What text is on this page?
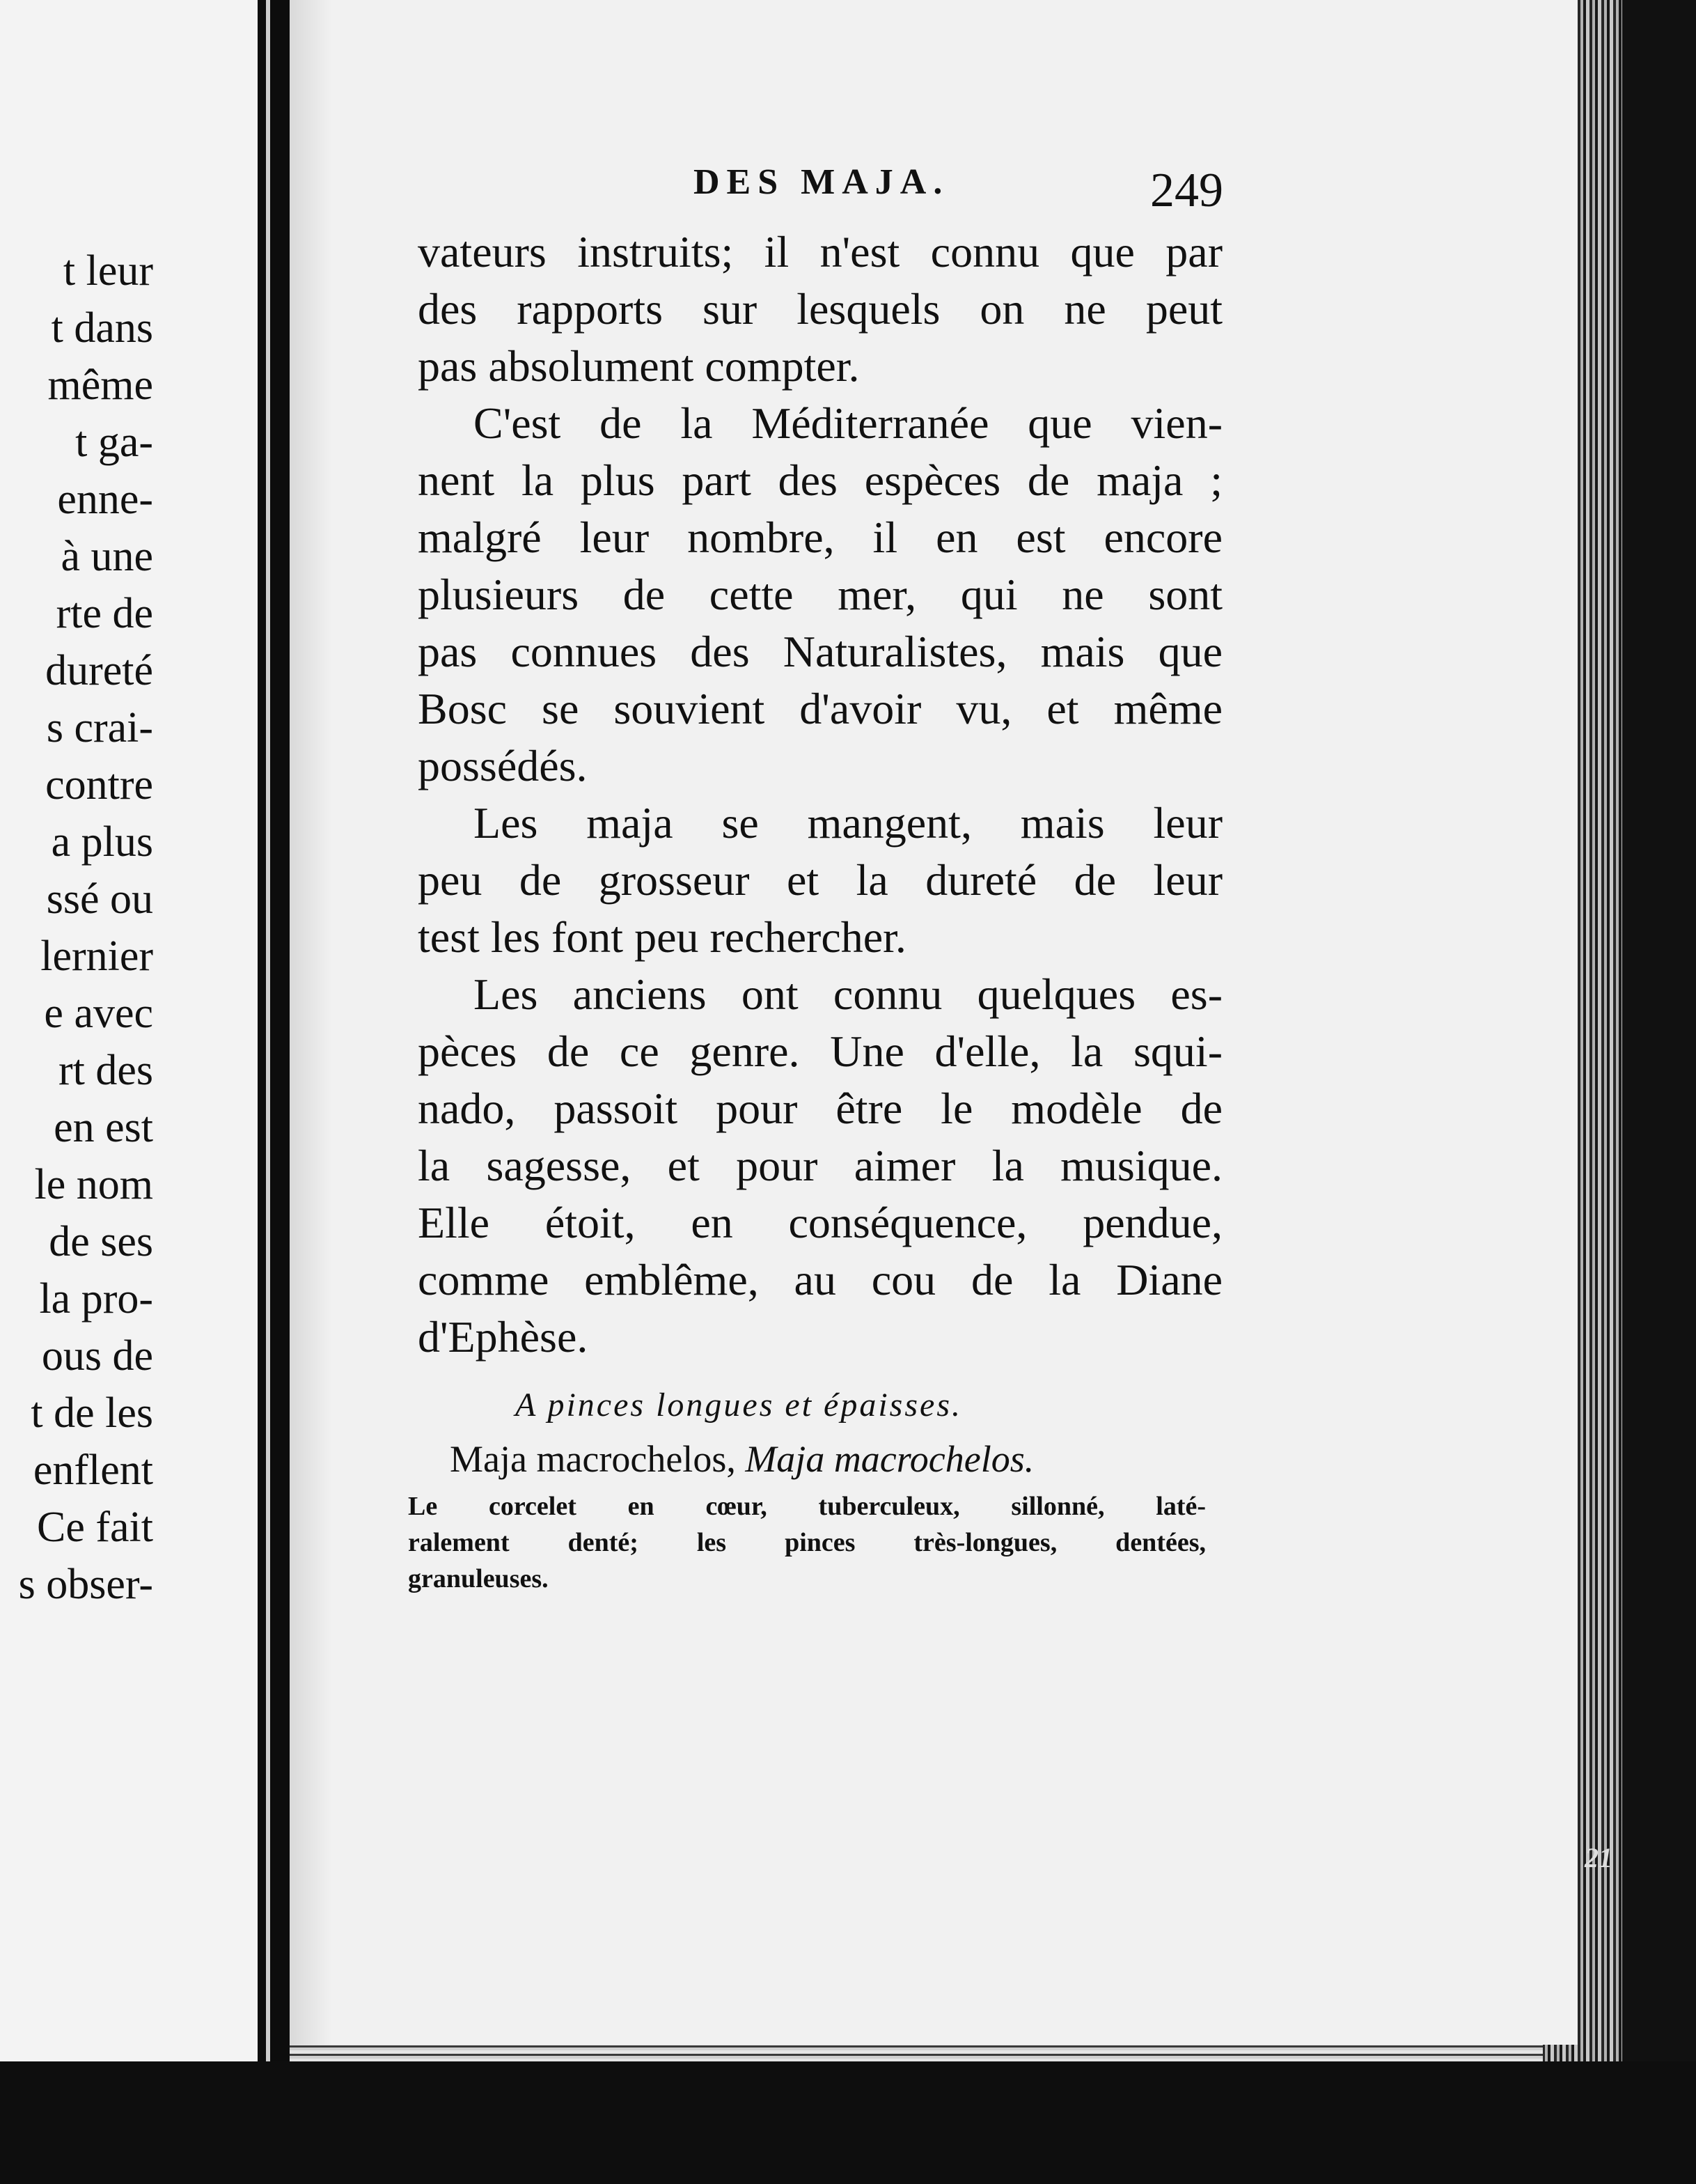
t leur
t dans
même
t ga-
enne-
à une
rte de
dureté
s crai-
contre
a plus
ssé ou
lernier
e avec
rt des
en est
le nom
de ses
la pro-
ous de
t de les
enflent
Ce fait
s obser-
DES MAJA.	249
vateurs instruits; il n'est connu que par
des rapports sur lesquels on ne peut
pas absolument compter.
C'est de la Méditerranée que vien-
nent la plus part des espèces de maja ;
malgré leur nombre, il en est encore
plusieurs de cette mer, qui ne sont
pas connues des Naturalistes, mais que
Bosc se souvient d'avoir vu, et même
possédés.
Les maja se mangent, mais leur
peu de grosseur et la dureté de leur
test les font peu rechercher.
Les anciens ont connu quelques es-
pèces de ce genre. Une d'elle, la squi-
nado, passoit pour être le modèle de
la sagesse, et pour aimer la musique.
Elle étoit, en conséquence, pendue,
comme emblême, au cou de la Diane
d'Ephèse.
A pinces longues et épaisses.
Maja macrochelos, Maja macrochelos.
Le corcelet en cœur, tuberculeux, sillonné, laté-
ralement denté; les pinces très-longues, dentées,
granuleuses.
21
